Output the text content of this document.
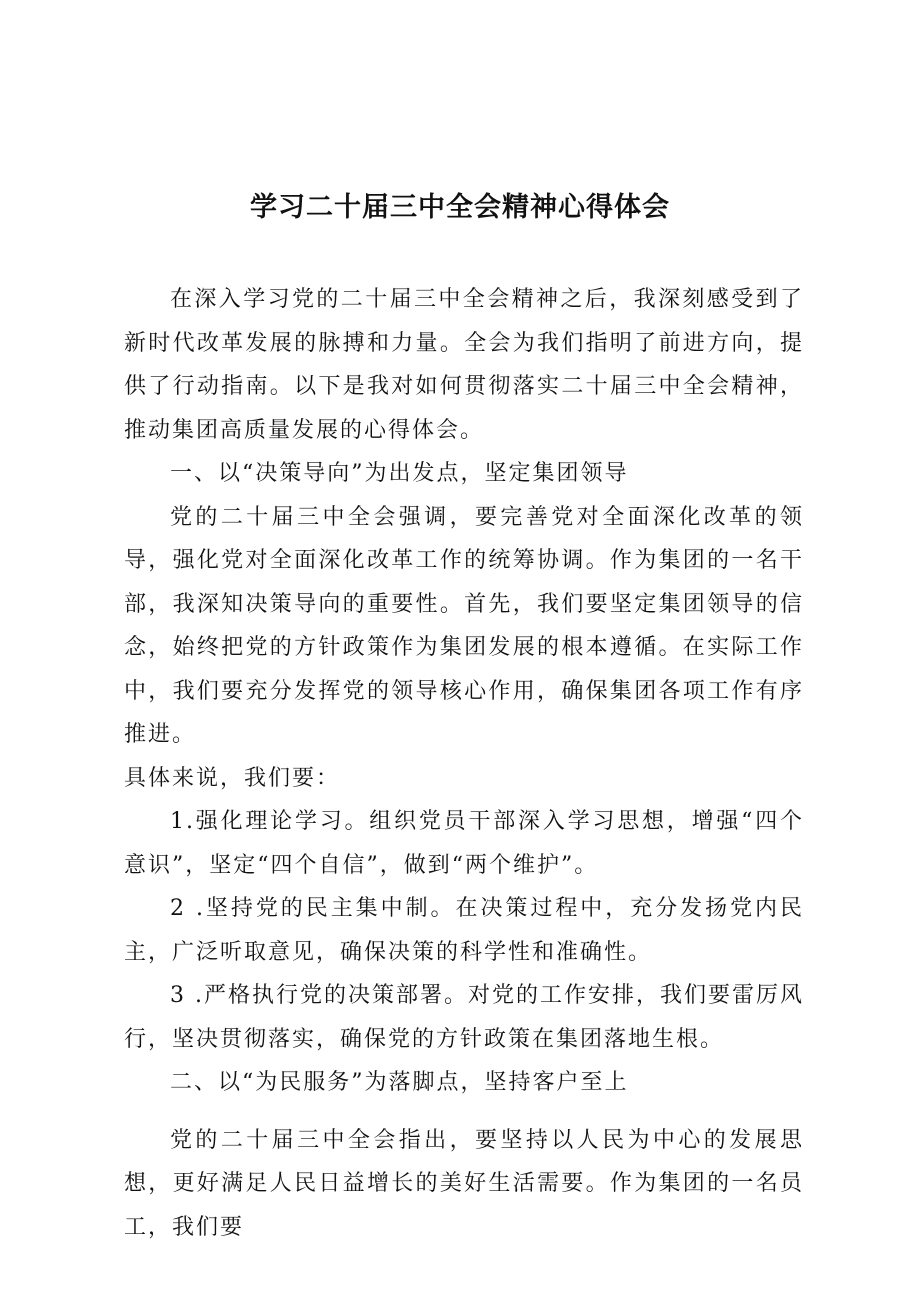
学习二十届三中全会精神心得体会

在深入学习党的二十届三中全会精神之后，我深刻感受到了新时代改革发展的脉搏和力量。全会为我们指明了前进方向，提供了行动指南。以下是我对如何贯彻落实二十届三中全会精神，推动集团高质量发展的心得体会。

一、以“决策导向”为出发点，坚定集团领导

党的二十届三中全会强调，要完善党对全面深化改革的领导，强化党对全面深化改革工作的统筹协调。作为集团的一名干部，我深知决策导向的重要性。首先，我们要坚定集团领导的信念，始终把党的方针政策作为集团发展的根本遵循。在实际工作中，我们要充分发挥党的领导核心作用，确保集团各项工作有序推进。

具体来说，我们要：

1.强化理论学习。组织党员干部深入学习思想，增强“四个意识”，坚定“四个自信”，做到“两个维护”。

2 .坚持党的民主集中制。在决策过程中，充分发扬党内民主，广泛听取意见，确保决策的科学性和准确性。

3 .严格执行党的决策部署。对党的工作安排，我们要雷厉风行，坚决贯彻落实，确保党的方针政策在集团落地生根。

二、以“为民服务”为落脚点，坚持客户至上

党的二十届三中全会指出，要坚持以人民为中心的发展思想，更好满足人民日益增长的美好生活需要。作为集团的一名员工，我们要
